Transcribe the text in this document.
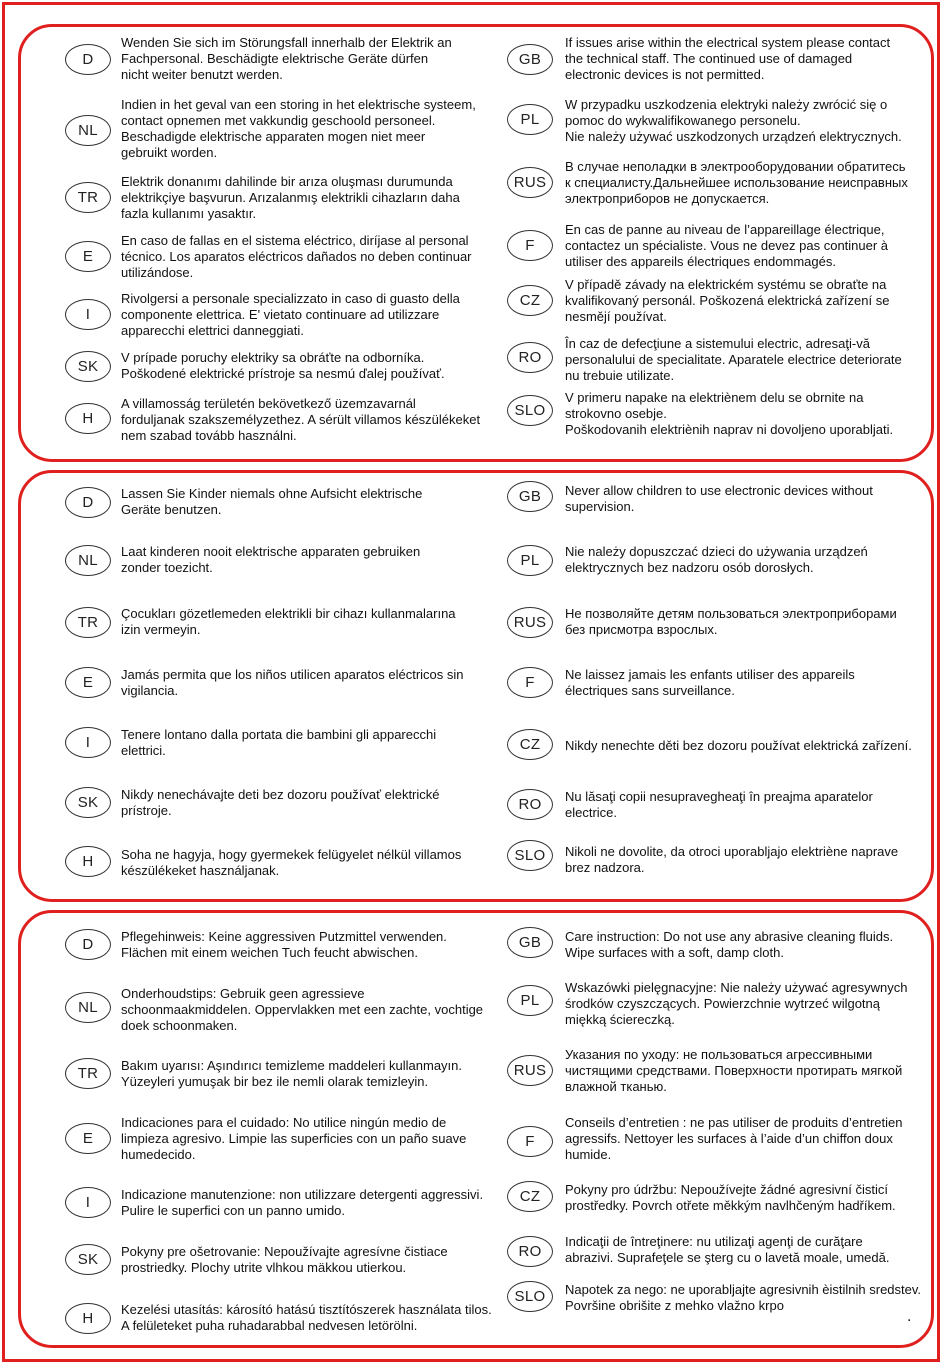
D
Wenden Sie sich im Störungsfall innerhalb der Elektrik an
Fachpersonal. Beschädigte elektrische Geräte dürfen
nicht weiter benutzt werden.
NL
Indien in het geval van een storing in het elektrische systeem,
contact opnemen met vakkundig geschoold personeel.
Beschadigde elektrische apparaten mogen niet meer
gebruikt worden.
TR
Elektrik donanımı dahilinde bir arıza oluşması durumunda
elektrikçiye başvurun. Arızalanmış elektrikli cihazların daha
fazla kullanımı yasaktır.
E
En caso de fallas en el sistema eléctrico, diríjase al personal
técnico. Los aparatos eléctricos dañados no deben continuar
utilizándose.
I
Rivolgersi a personale specializzato in caso di guasto della
componente elettrica. E' vietato continuare ad utilizzare
apparecchi elettrici danneggiati.
SK
V prípade poruchy elektriky sa obráťte na odborníka.
Poškodené elektrické prístroje sa nesmú ďalej používať.
H
A villamosság területén bekövetkező üzemzavarnál
forduljanak szakszemélyzethez. A sérült villamos készülékeket
nem szabad tovább használni.
GB
If issues arise within the electrical system please contact
the technical staff. The continued use of damaged
electronic devices is not permitted.
PL
W przypadku uszkodzenia elektryki należy zwrócić się o
pomoc do wykwalifikowanego personelu.
Nie należy używać uszkodzonych urządzeń elektrycznych.
RUS
В случае неполадки в электрооборудовании обратитесь
к специалисту.Дальнейшее использование неисправных
электроприборов не допускается.
F
En cas de panne au niveau de l’appareillage électrique,
contactez un spécialiste. Vous ne devez pas continuer à
utiliser des appareils électriques endommagés.
CZ
V případě závady na elektrickém systému se obraťte na
kvalifikovaný personál. Poškozená elektrická zařízení se
nesmějí používat.
RO
În caz de defecţiune a sistemului electric, adresaţi-vă
personalului de specialitate. Aparatele electrice deteriorate
nu trebuie utilizate.
SLO
V primeru napake na elektriènem delu se obrnite na
strokovno osebje.
Poškodovanih elektriènih naprav ni dovoljeno uporabljati.
D
Lassen Sie Kinder niemals ohne Aufsicht elektrische
Geräte benutzen.
NL
Laat kinderen nooit elektrische apparaten gebruiken
zonder toezicht.
TR
Çocukları gözetlemeden elektrikli bir cihazı kullanmalarına
izin vermeyin.
E	Jamás permita que los niños utilicen aparatos eléctricos sin
vigilancia.
I	Tenere lontano dalla portata die bambini gli apparecchi
elettrici.
SK	Nikdy nenechávajte deti bez dozoru používať elektrické
prístroje.
H	Soha ne hagyja, hogy gyermekek felügyelet nélkül villamos
készülékeket használjanak.
GB	Never allow children to use electronic devices without
supervision.
PL
Nie należy dopuszczać dzieci do używania urządzeń
elektrycznych bez nadzoru osób dorosłych.
RUS
Не позволяйте детям пользоваться электроприборами
без присмотра взрослых.
F	Ne laissez jamais les enfants utiliser des appareils
électriques sans surveillance.
CZ	Nikdy nenechte děti bez dozoru používat elektrická zařízení.
RO	Nu lăsaţi copii nesupravegheaţi în preajma aparatelor
electrice.
SLO	Nikoli ne dovolite, da otroci uporabljajo elektriène naprave
brez nadzora.
D	Pflegehinweis: Keine aggressiven Putzmittel verwenden.
Flächen mit einem weichen Tuch feucht abwischen.
NL
Onderhoudstips: Gebruik geen agressieve
schoonmaakmiddelen. Oppervlakken met een zachte, vochtige
doek schoonmaken.
TR	Bakım uyarısı: Aşındırıcı temizleme maddeleri kullanmayın.
Yüzeyleri yumuşak bir bez ile nemli olarak temizleyin.
E
Indicaciones para el cuidado: No utilice ningún medio de
limpieza agresivo. Limpie las superficies con un paño suave
humedecido.
I	Indicazione manutenzione: non utilizzare detergenti aggressivi.
Pulire le superfici con un panno umido.
SK	Pokyny pre ošetrovanie: Nepoužívajte agresívne čistiace
prostriedky. Plochy utrite vlhkou mäkkou utierkou.
H
Kezelési utasítás: károsító hatású tisztítószerek használata tilos.
A felületeket puha ruhadarabbal nedvesen letörölni.
GB	Care instruction: Do not use any abrasive cleaning fluids.
Wipe surfaces with a soft, damp cloth.
PL
Wskazówki pielęgnacyjne: Nie należy używać agresywnych
środków czyszczących. Powierzchnie wytrzeć wilgotną
miękką ściereczką.
RUS
Указания по уходу: не пользоваться агрессивными
чистящими средствами. Поверхности протирать мягкой
влажной тканью.
F
Conseils d’entretien : ne pas utiliser de produits d’entretien
agressifs. Nettoyer les surfaces à l’aide d’un chiffon doux
humide.
CZ	Pokyny pro údržbu: Nepoužívejte žádné agresivní čisticí
prostředky. Povrch otřete měkkým navlhčeným hadříkem.
RO
Indicaţii de întreţinere: nu utilizaţi agenţi de curăţare
abrazivi. Suprafeţele se şterg cu o lavetă moale, umedă.
SLO	Napotek za nego: ne uporabljajte agresivnih èistilnih sredstev.
Površine obrišite z mehko vlažno krpo
.
